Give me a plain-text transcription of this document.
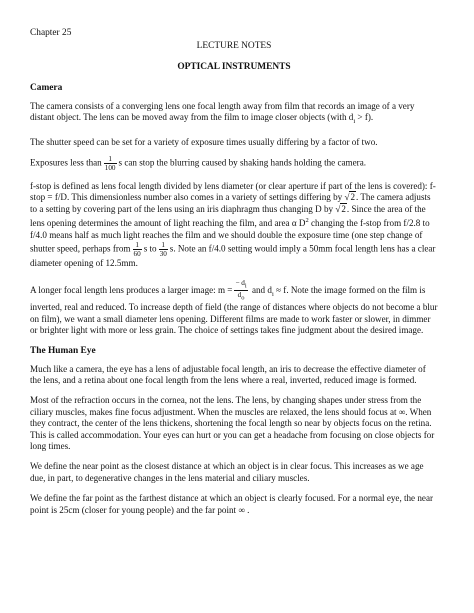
Chapter 25
LECTURE NOTES
OPTICAL INSTRUMENTS
Camera

The camera consists of a converging lens one focal length away from film that records an image of a very distant object. The lens can be moved away from the film to image closer objects (with $d_i > f$).

The shutter speed can be set for a variety of exposure times usually differing by a factor of two.

Exposures less than $\frac{1}{100}$ s can stop the blurring caused by shaking hands holding the camera.

f-stop is defined as lens focal length divided by lens diameter (or clear aperture if part of the lens is covered): f-stop = f/D. This dimensionless number also comes in a variety of settings differing by √2. The camera adjusts to a setting by covering part of the lens using an iris diaphragm thus changing D by √2. Since the area of the lens opening determines the amount of light reaching the film, and area α $D^2$ changing the f-stop from f/2.8 to f/4.0 means half as much light reaches the film and we should double the exposure time (one step change of shutter speed, perhaps from $\frac{1}{60}$ s to $\frac{1}{30} s$. Note an f/4.0 setting would imply a 50mm focal length lens has a clear diameter opening of 12.5mm.

A longer focal length lens produces a larger image: $m = \frac{- d_i}{d_o}$ and $d_i \approx f$. Note the image formed on the film is inverted, real and reduced. To increase depth of field (the range of distances where objects do not become a blur on film), we want a small diameter lens opening. Different films are made to work faster or slower, in dimmer or brighter light with more or less grain. The choice of settings takes fine judgment about the desired image.

The Human Eye

Much like a camera, the eye has a lens of adjustable focal length, an iris to decrease the effective diameter of the lens, and a retina about one focal length from the lens where a real, inverted, reduced image is formed.

Most of the refraction occurs in the cornea, not the lens. The lens, by changing shapes under stress from the ciliary muscles, makes fine focus adjustment. When the muscles are relaxed, the lens should focus at ∞. When they contract, the center of the lens thickens, shortening the focal length so near by objects focus on the retina. This is called accommodation. Your eyes can hurt or you can get a headache from focusing on close objects for long times.

We define the near point as the closest distance at which an object is in clear focus. This increases as we age due, in part, to degenerative changes in the lens material and ciliary muscles.

We define the far point as the farthest distance at which an object is clearly focused. For a normal eye, the near point is 25cm (closer for young people) and the far point ∞ .
